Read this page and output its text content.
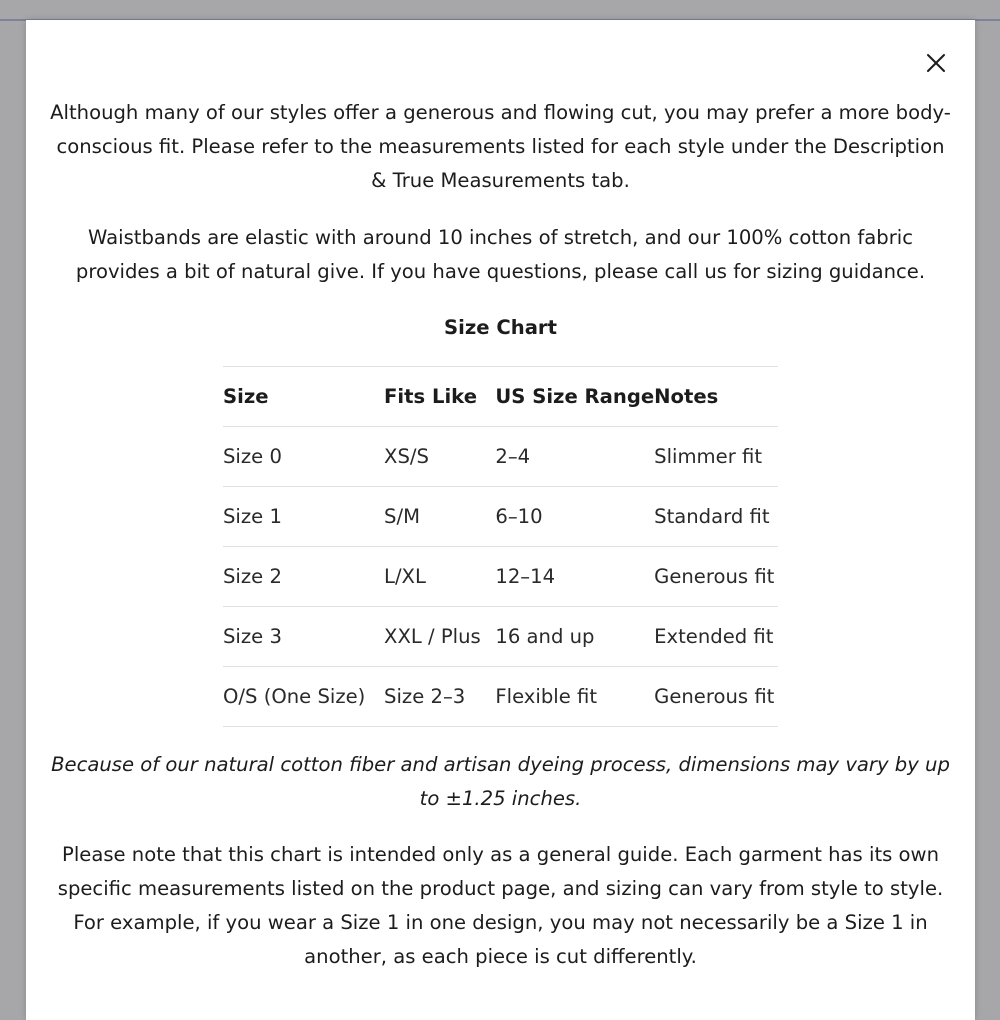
Although many of our styles offer a generous and flowing cut, you may prefer a more body-conscious fit. Please refer to the measurements listed for each style under the Description & True Measurements tab.

Waistbands are elastic with around 10 inches of stretch, and our 100% cotton fabric provides a bit of natural give. If you have questions, please call us for sizing guidance.

Size Chart
Size	Fits Like	US Size Range	Notes
Size 0	XS/S	2–4	Slimmer fit
Size 1	S/M	6–10	Standard fit
Size 2	L/XL	12–14	Generous fit
Size 3	XXL / Plus	16 and up	Extended fit
O/S (One Size)	Size 2–3	Flexible fit	Generous fit

Because of our natural cotton fiber and artisan dyeing process, dimensions may vary by up to ±1.25 inches.

Please note that this chart is intended only as a general guide. Each garment has its own specific measurements listed on the product page, and sizing can vary from style to style. For example, if you wear a Size 1 in one design, you may not necessarily be a Size 1 in another, as each piece is cut differently.
